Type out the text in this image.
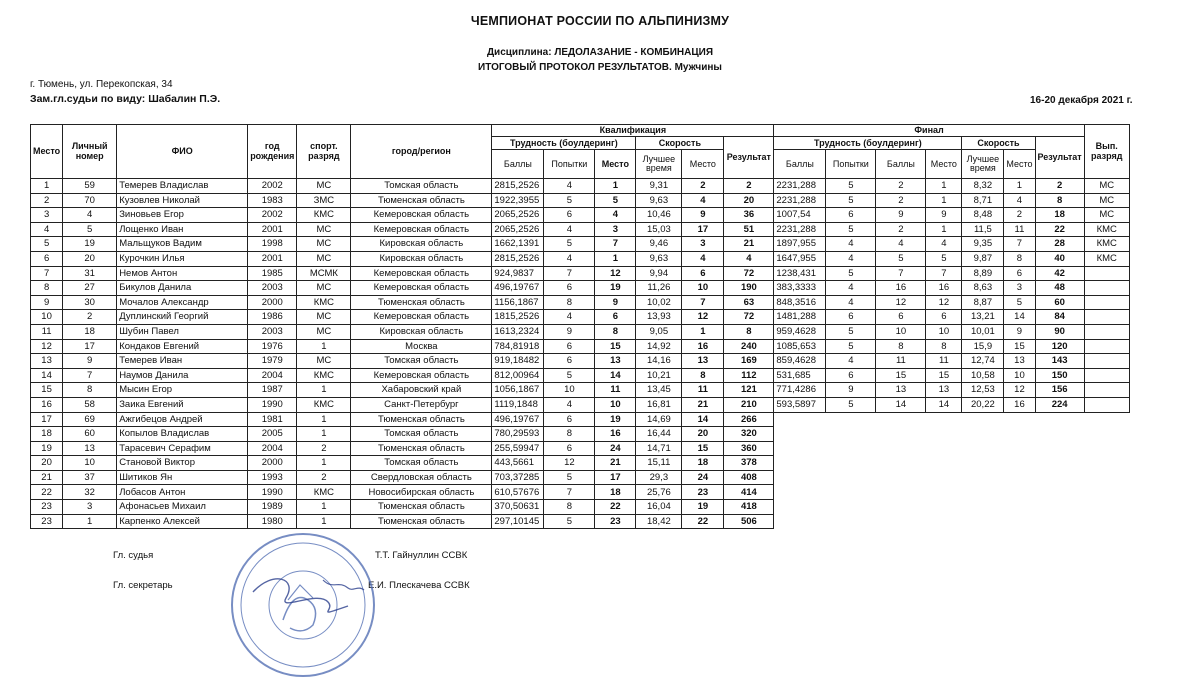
ЧЕМПИОНАТ РОССИИ ПО АЛЬПИНИЗМУ
Дисциплина: ЛЕДОЛАЗАНИЕ - КОМБИНАЦИЯ
ИТОГОВЫЙ ПРОТОКОЛ РЕЗУЛЬТАТОВ. Мужчины
г. Тюмень, ул. Перекопская, 34
Зам.гл.судьи по виду: Шабалин П.Э.	16-20 декабря 2021 г.
Место	Личный номер	ФИО	год рождения	спорт. разряд	город/регион	Квалификация						Финал							Вып. разряд
						Трудность (боулдеринг)			Скорость		Результат	Трудность (боулдеринг)				Скорость		Результат	
						Баллы	Попытки	Место	Лучшее время	Место		Баллы	Попытки	Баллы	Место	Лучшее время	Место		
1	59	Темерев Владислав	2002	МС	Томская область	2815,2526	4	1	9,31	2	2	2231,288	5	2	1	8,32	1	2	МС
2	70	Кузовлев Николай	1983	ЗМС	Тюменская область	1922,3955	5	5	9,63	4	20	2231,288	5	2	1	8,71	4	8	МС
3	4	Зиновьев Егор	2002	КМС	Кемеровская область	2065,2526	6	4	10,46	9	36	1007,54	6	9	9	8,48	2	18	МС
4	5	Лощенко Иван	2001	МС	Кемеровская область	2065,2526	4	3	15,03	17	51	2231,288	5	2	1	11,5	11	22	КМС
5	19	Мальщуков Вадим	1998	МС	Кировская область	1662,1391	5	7	9,46	3	21	1897,955	4	4	4	9,35	7	28	КМС
6	20	Курочкин Илья	2001	МС	Кировская область	2815,2526	4	1	9,63	4	4	1647,955	4	5	5	9,87	8	40	КМС
7	31	Немов Антон	1985	МСМК	Кемеровская область	924,9837	7	12	9,94	6	72	1238,431	5	7	7	8,89	6	42	
8	27	Бикулов Данила	2003	МС	Кемеровская область	496,19767	6	19	11,26	10	190	383,3333	4	16	16	8,63	3	48	
9	30	Мочалов Александр	2000	КМС	Тюменская область	1156,1867	8	9	10,02	7	63	848,3516	4	12	12	8,87	5	60	
10	2	Дуплинский Георгий	1986	МС	Кемеровская область	1815,2526	4	6	13,93	12	72	1481,288	6	6	6	13,21	14	84	
11	18	Шубин Павел	2003	МС	Кировская область	1613,2324	9	8	9,05	1	8	959,4628	5	10	10	10,01	9	90	
12	17	Кондаков Евгений	1976	1	Москва	784,81918	6	15	14,92	16	240	1085,653	5	8	8	15,9	15	120	
13	9	Темерев Иван	1979	МС	Томская область	919,18482	6	13	14,16	13	169	859,4628	4	11	11	12,74	13	143	
14	7	Наумов Данила	2004	КМС	Кемеровская область	812,00964	5	14	10,21	8	112	531,685	6	15	15	10,58	10	150	
15	8	Мысин Егор	1987	1	Хабаровский край	1056,1867	10	11	13,45	11	121	771,4286	9	13	13	12,53	12	156	
16	58	Заика Евгений	1990	КМС	Санкт-Петербург	1119,1848	4	10	16,81	21	210	593,5897	5	14	14	20,22	16	224	
17	69	Ажгибецов Андрей	1981	1	Тюменская область	496,19767	6	19	14,69	14	266								
18	60	Копылов Владислав	2005	1	Томская область	780,29593	8	16	16,44	20	320								
19	13	Тарасевич Серафим	2004	2	Тюменская область	255,59947	6	24	14,71	15	360								
20	10	Становой Виктор	2000	1	Томская область	443,5661	12	21	15,11	18	378								
21	37	Шитиков Ян	1993	2	Свердловская область	703,37285	5	17	29,3	24	408								
22	32	Лобасов Антон	1990	КМС	Новосибирская область	610,57676	7	18	25,76	23	414								
23	3	Афонасьев Михаил	1989	1	Тюменская область	370,50631	8	22	16,04	19	418								
23	1	Карпенко Алексей	1980	1	Тюменская область	297,10145	5	23	18,42	22	506								
Гл. судья	Т.Т. Гайнуллин ССВК
Гл. секретарь	Е.И. Плескачева ССВК
